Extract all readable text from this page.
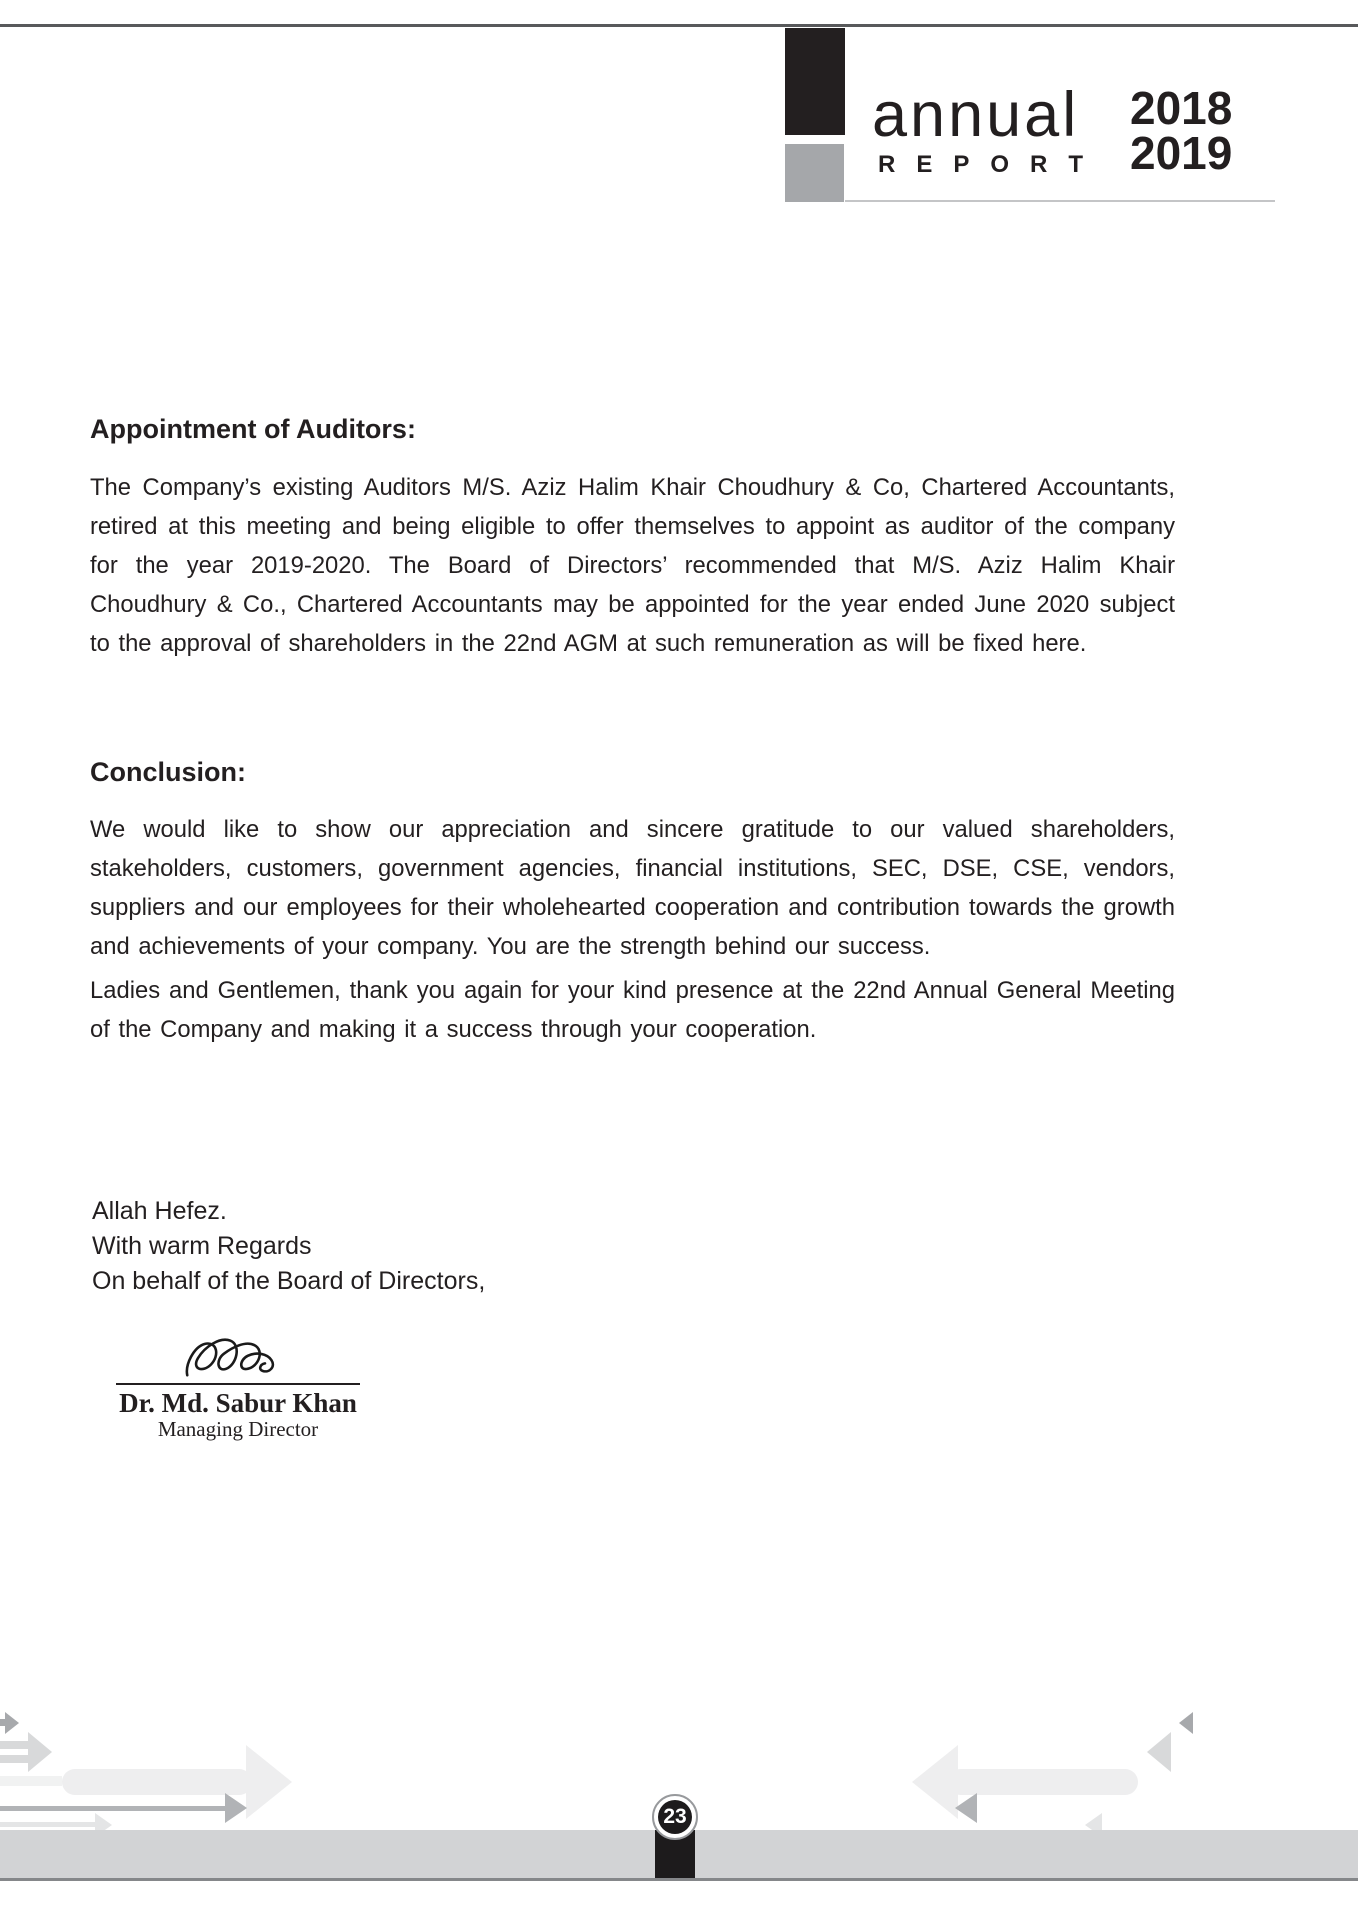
annual
REPORT
2018
2019
Appointment of Auditors:
The Company’s existing Auditors M/S. Aziz Halim Khair Choudhury & Co, Chartered Accountants, retired at this meeting and being eligible to offer themselves to appoint as auditor of the company for the year 2019-2020. The Board of Directors’ recommended that M/S. Aziz Halim Khair Choudhury & Co., Chartered Accountants may be appointed for the year ended June 2020 subject to the approval of shareholders in the 22nd AGM at such remuneration as will be fixed here.
Conclusion:
We would like to show our appreciation and sincere gratitude to our valued shareholders, stakeholders, customers, government agencies, financial institutions, SEC, DSE, CSE, vendors, suppliers and our employees for their wholehearted cooperation and contribution towards the growth and achievements of your company. You are the strength behind our success.
Ladies and Gentlemen, thank you again for your kind presence at the 22nd Annual General Meeting of the Company and making it a success through your cooperation.
Allah Hefez.
With warm Regards
On behalf of the Board of Directors,
Dr. Md. Sabur Khan
Managing Director
23
